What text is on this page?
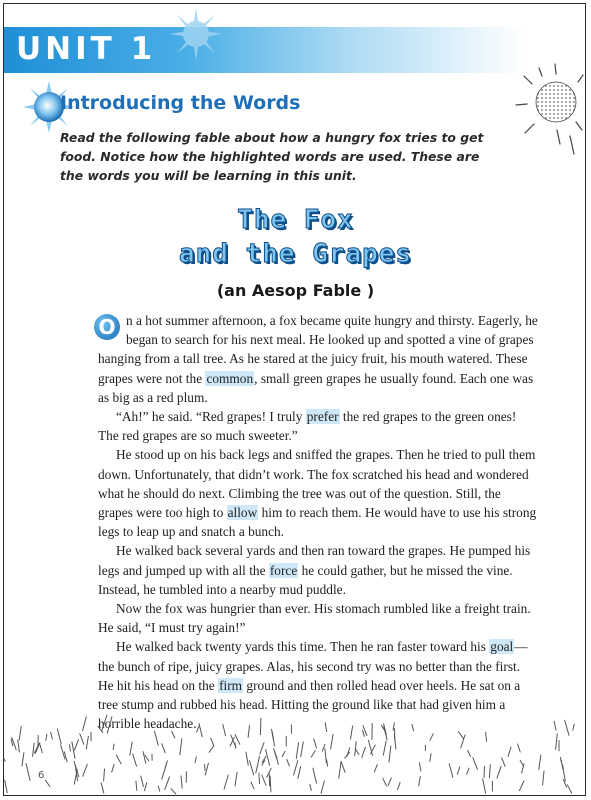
UNIT 1
Introducing the Words
Read the following fable about how a hungry fox tries to get food. Notice how the highlighted words are used. These are the words you will be learning in this unit.
The Fox
and the Grapes
(an Aesop Fable )

O n a hot summer afternoon, a fox became quite hungry and thirsty. Eagerly, he began to search for his next meal. He looked up and spotted a vine of grapes hanging from a tall tree. As he stared at the juicy fruit, his mouth watered. These grapes were not the common, small green grapes he usually found. Each one was as big as a red plum.

“Ah!” he said. “Red grapes! I truly prefer the red grapes to the green ones! The red grapes are so much sweeter.”

He stood up on his back legs and sniffed the grapes. Then he tried to pull them down. Unfortunately, that didn’t work. The fox scratched his head and wondered what he should do next. Climbing the tree was out of the question. Still, the grapes were too high to allow him to reach them. He would have to use his strong legs to leap up and snatch a bunch.

He walked back several yards and then ran toward the grapes. He pumped his legs and jumped up with all the force he could gather, but he missed the vine. Instead, he tumbled into a nearby mud puddle.

Now the fox was hungrier than ever. His stomach rumbled like a freight train. He said, “I must try again!”

He walked back twenty yards this time. Then he ran faster toward his goal—the bunch of ripe, juicy grapes. Alas, his second try was no better than the first. He hit his head on the firm ground and then rolled head over heels. He sat on a tree stump and rubbed his head. Hitting the ground like that had given him a horrible headache.

6
